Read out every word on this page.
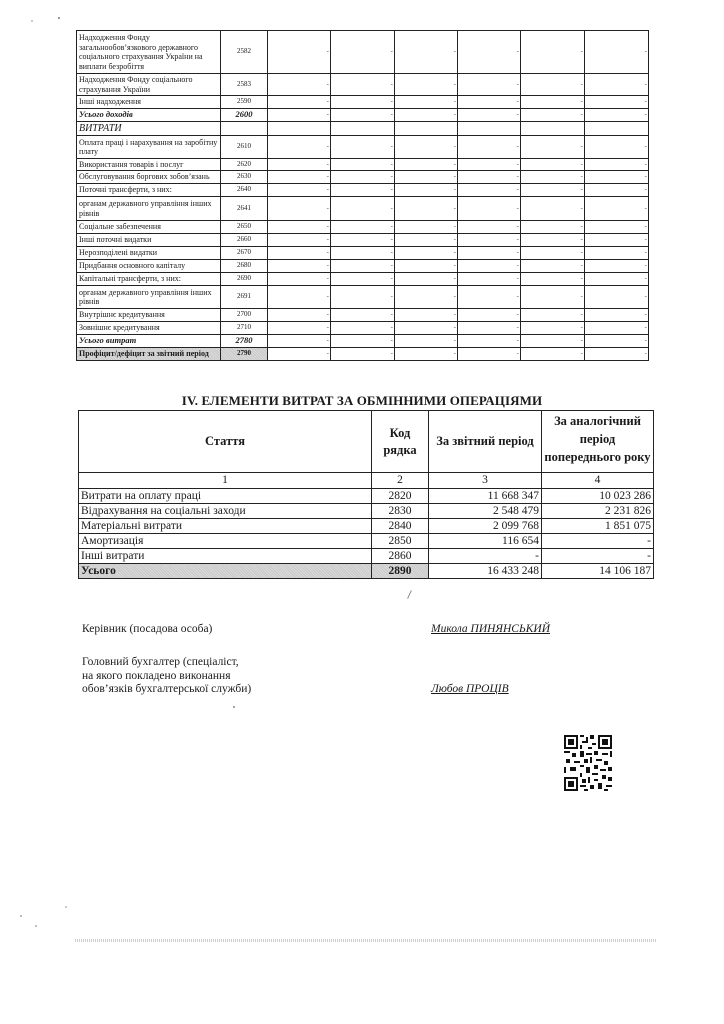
Надходження Фонду загальнообов’язкового державного соціального страхування України на виплати безробіття	2582	-	-	-	-	-	-
Надходження Фонду соціального страхування України	2583	-	-	-	-	-	-
Інші надходження	2590	-	-	-	-	-	-
Усього доходів	2600	-	-	-	-	-	-
ВИТРАТИ							
Оплата праці і нарахування на заробітну плату	2610	-	-	-	-	-	-
Використання товарів і послуг	2620	-	-	-	-	-	-
Обслуговування боргових зобов’язань	2630	-	-	-	-	-	-
Поточні трансферти, з них:	2640	-	-	-	-	-	-
органам державного управління інших рівнів	2641	-	-	-	-	-	-
Соціальне забезпечення	2650	-	-	-	-	-	-
Інші поточні видатки	2660	-	-	-	-	-	-
Нерозподілені видатки	2670	-	-	-	-	-	-
Придбання основного капіталу	2680	-	-	-	-	-	-
Капітальні трансферти, з них:	2690	-	-	-	-	-	-
органам державного управління інших рівнів	2691	-	-	-	-	-	-
Внутрішнє кредитування	2700	-	-	-	-	-	-
Зовнішнє кредитування	2710	-	-	-	-	-	-
Усього витрат	2780	-	-	-	-	-	-
Профіцит/дефіцит за звітний період	2790	-	-	-	-	-	-
IV. ЕЛЕМЕНТИ ВИТРАТ ЗА ОБМІННИМИ ОПЕРАЦІЯМИ
Стаття	Код рядка	За звітний період	За аналогічний період попереднього року

1	2	3	4
Витрати на оплату праці	2820	11 668 347	10 023 286
Відрахування на соціальні заходи	2830	2 548 479	2 231 826
Матеріальні витрати	2840	2 099 768	1 851 075
Амортизація	2850	116 654	-
Інші витрати	2860	-	-
Усього	2890	16 433 248	14 106 187
Керівник (посадова особа)	Микола ПИНЯНСЬКИЙ
Головний бухгалтер (спеціаліст,
на якого покладено виконання
обов’язків бухгалтерської служби)	Любов ПРОЦІВ
